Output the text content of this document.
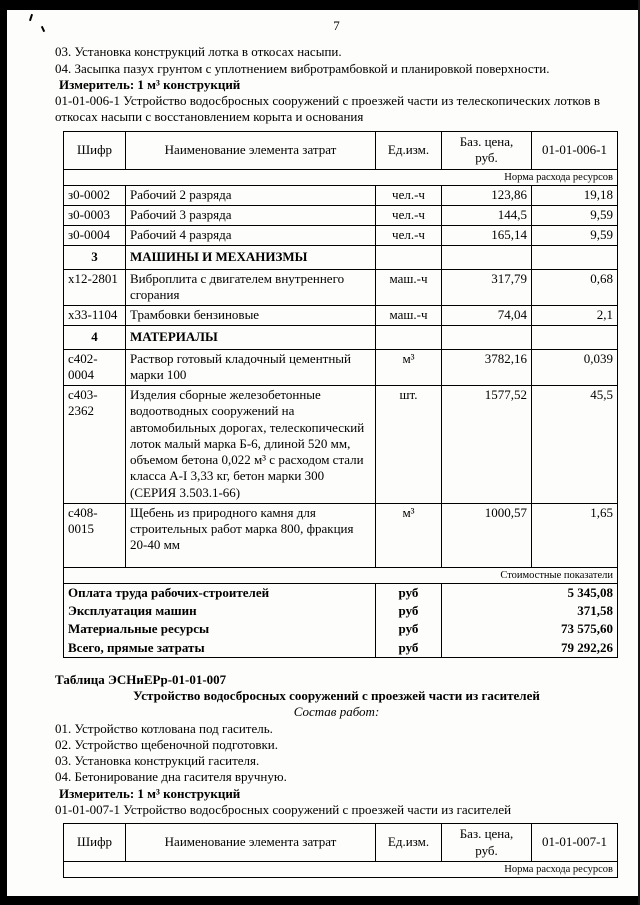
7
03. Установка конструкций лотка в откосах насыпи.
04. Засыпка пазух грунтом с уплотнением вибротрамбовкой и планировкой поверхности.
Измеритель: 1 м³ конструкций
01-01-006-1 Устройство водосбросных сооружений с проезжей части из телескопических лотков в откосах насыпи с восстановлением корыта и основания
Шифр	Наименование элемента затрат	Ед.изм.	Баз. цена, руб.	01-01-006-1
Норма расхода ресурсов				
з0-0002	Рабочий 2 разряда	чел.-ч	123,86	19,18
з0-0003	Рабочий 3 разряда	чел.-ч	144,5	9,59
з0-0004	Рабочий 4 разряда	чел.-ч	165,14	9,59
3	МАШИНЫ И МЕХАНИЗМЫ			
х12-2801	Виброплита с двигателем внутреннего сгорания	маш.-ч	317,79	0,68
х33-1104	Трамбовки бензиновые	маш.-ч	74,04	2,1
4	МАТЕРИАЛЫ			
с402-0004	Раствор готовый кладочный цементный марки 100	м³	3782,16	0,039
с403-2362	Изделия сборные железобетонные водоотводных сооружений на автомобильных дорогах, телескопический лоток малый марка Б-6, длиной 520 мм, объемом бетона 0,022 м³ с расходом стали класса А-I 3,33 кг, бетон марки 300 (СЕРИЯ 3.503.1-66)	шт.	1577,52	45,5
с408-0015	Щебень из природного камня для строительных работ марка 800, фракция 20-40 мм	м³	1000,57	1,65
Стоимостные показатели				
Оплата труда рабочих-строителей		руб	5 345,08	
Эксплуатация машин		руб	371,58	
Материальные ресурсы		руб	73 575,60	
Всего, прямые затраты		руб	79 292,26	
Таблица ЭСНиЕРр-01-01-007
Устройство водосбросных сооружений с проезжей части из гасителей
Состав работ:
01. Устройство котлована под гаситель.
02. Устройство щебеночной подготовки.
03. Установка конструкций гасителя.
04. Бетонирование дна гасителя вручную.
Измеритель: 1 м³ конструкций
01-01-007-1 Устройство водосбросных сооружений с проезжей части из гасителей
Шифр	Наименование элемента затрат	Ед.изм.	Баз. цена, руб.	01-01-007-1
Норма расхода ресурсов
